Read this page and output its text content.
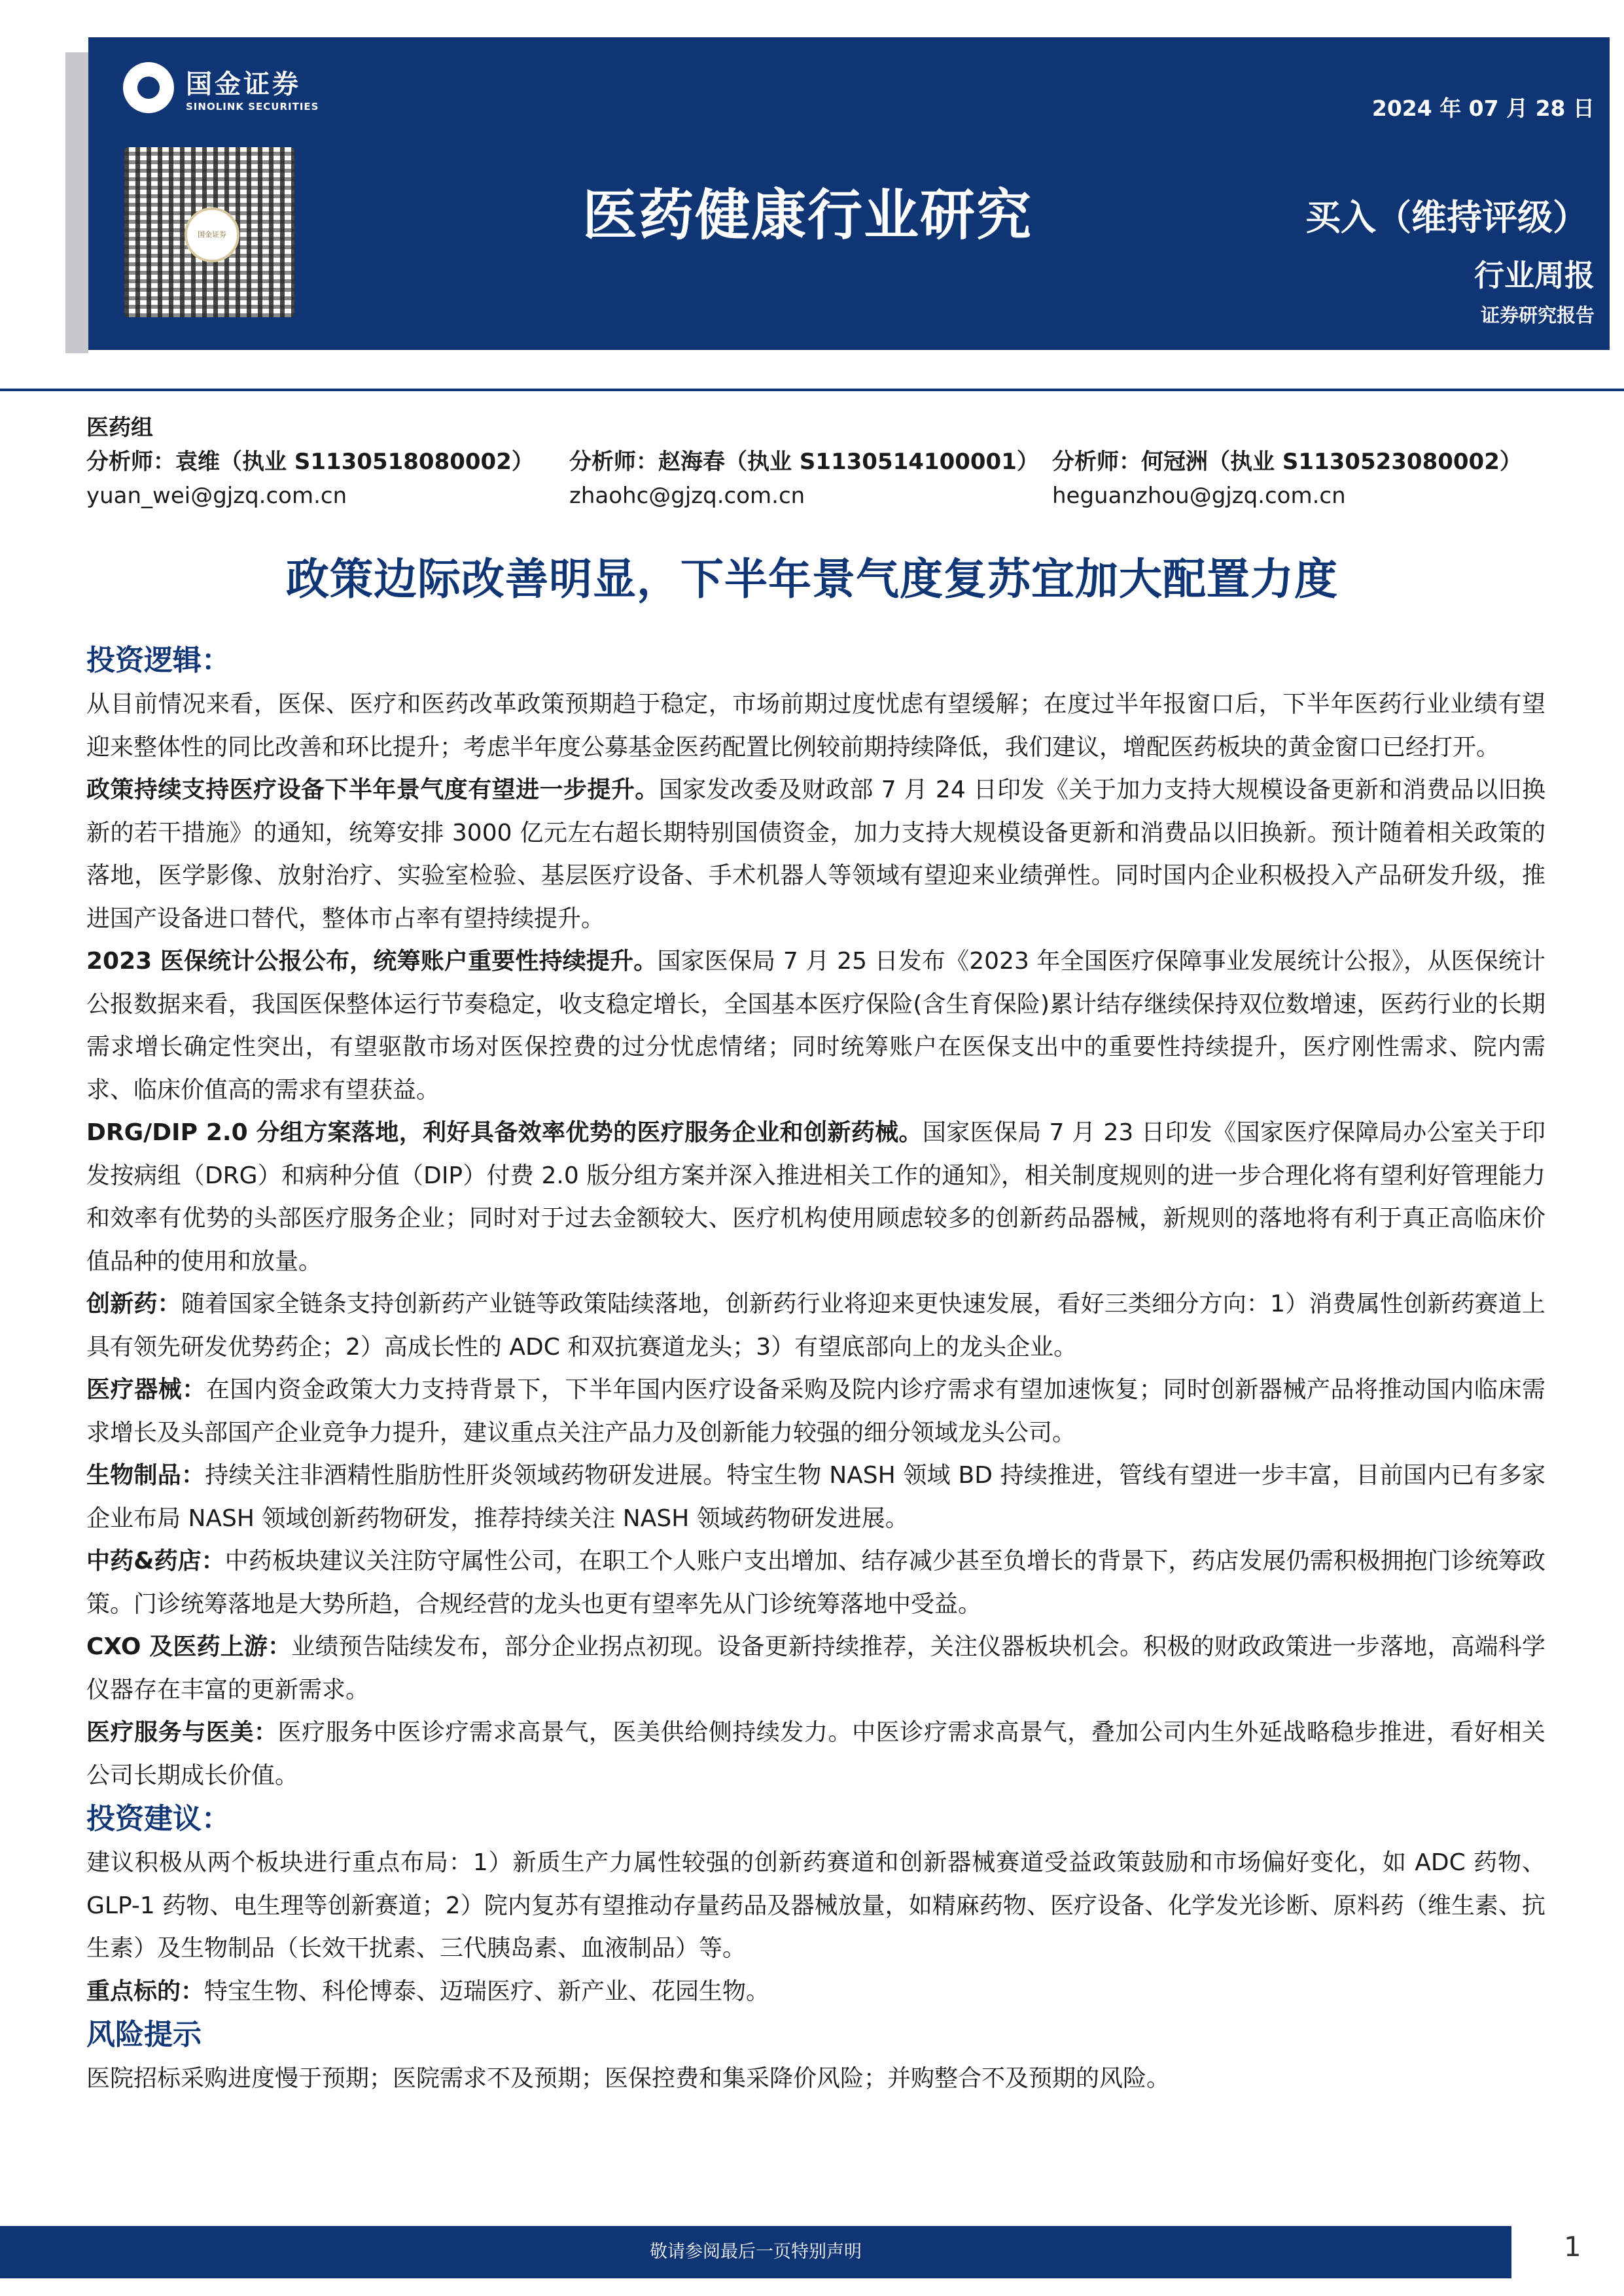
国金证券
SINOLINK SECURITIES
国金证券
2024 年 07 月 28 日
医药健康行业研究	买入（维持评级）
行业周报
证券研究报告
医药组
分析师：袁维（执业 S1130518080002）
yuan_wei@gjzq.com.cn
分析师：赵海春（执业 S1130514100001）
zhaohc@gjzq.com.cn
分析师：何冠洲（执业 S1130523080002）
heguanzhou@gjzq.com.cn
政策边际改善明显，下半年景气度复苏宜加大配置力度

投资逻辑：

从目前情况来看，医保、医疗和医药改革政策预期趋于稳定，市场前期过度忧虑有望缓解；在度过半年报窗口后，下半年医药行业业绩有望迎来整体性的同比改善和环比提升；考虑半年度公募基金医药配置比例较前期持续降低，我们建议，增配医药板块的黄金窗口已经打开。

政策持续支持医疗设备下半年景气度有望进一步提升。国家发改委及财政部 7 月 24 日印发《关于加力支持大规模设备更新和消费品以旧换新的若干措施》的通知，统筹安排 3000 亿元左右超长期特别国债资金，加力支持大规模设备更新和消费品以旧换新。预计随着相关政策的落地，医学影像、放射治疗、实验室检验、基层医疗设备、手术机器人等领域有望迎来业绩弹性。同时国内企业积极投入产品研发升级，推进国产设备进口替代，整体市占率有望持续提升。

2023 医保统计公报公布，统筹账户重要性持续提升。国家医保局 7 月 25 日发布《2023 年全国医疗保障事业发展统计公报》，从医保统计公报数据来看，我国医保整体运行节奏稳定，收支稳定增长，全国基本医疗保险(含生育保险)累计结存继续保持双位数增速，医药行业的长期需求增长确定性突出，有望驱散市场对医保控费的过分忧虑情绪；同时统筹账户在医保支出中的重要性持续提升，医疗刚性需求、院内需求、临床价值高的需求有望获益。

DRG/DIP 2.0 分组方案落地，利好具备效率优势的医疗服务企业和创新药械。国家医保局 7 月 23 日印发《国家医疗保障局办公室关于印发按病组（DRG）和病种分值（DIP）付费 2.0 版分组方案并深入推进相关工作的通知》，相关制度规则的进一步合理化将有望利好管理能力和效率有优势的头部医疗服务企业；同时对于过去金额较大、医疗机构使用顾虑较多的创新药品器械，新规则的落地将有利于真正高临床价值品种的使用和放量。

创新药：随着国家全链条支持创新药产业链等政策陆续落地，创新药行业将迎来更快速发展，看好三类细分方向：1）消费属性创新药赛道上具有领先研发优势药企；2）高成长性的 ADC 和双抗赛道龙头；3）有望底部向上的龙头企业。

医疗器械：在国内资金政策大力支持背景下，下半年国内医疗设备采购及院内诊疗需求有望加速恢复；同时创新器械产品将推动国内临床需求增长及头部国产企业竞争力提升，建议重点关注产品力及创新能力较强的细分领域龙头公司。

生物制品：持续关注非酒精性脂肪性肝炎领域药物研发进展。特宝生物 NASH 领域 BD 持续推进，管线有望进一步丰富，目前国内已有多家企业布局 NASH 领域创新药物研发，推荐持续关注 NASH 领域药物研发进展。

中药&药店：中药板块建议关注防守属性公司，在职工个人账户支出增加、结存减少甚至负增长的背景下，药店发展仍需积极拥抱门诊统筹政策。门诊统筹落地是大势所趋，合规经营的龙头也更有望率先从门诊统筹落地中受益。

CXO 及医药上游：业绩预告陆续发布，部分企业拐点初现。设备更新持续推荐，关注仪器板块机会。积极的财政政策进一步落地，高端科学仪器存在丰富的更新需求。

医疗服务与医美：医疗服务中医诊疗需求高景气，医美供给侧持续发力。中医诊疗需求高景气，叠加公司内生外延战略稳步推进，看好相关公司长期成长价值。

投资建议：

建议积极从两个板块进行重点布局：1）新质生产力属性较强的创新药赛道和创新器械赛道受益政策鼓励和市场偏好变化，如 ADC 药物、GLP-1 药物、电生理等创新赛道；2）院内复苏有望推动存量药品及器械放量，如精麻药物、医疗设备、化学发光诊断、原料药（维生素、抗生素）及生物制品（长效干扰素、三代胰岛素、血液制品）等。

重点标的：特宝生物、科伦博泰、迈瑞医疗、新产业、花园生物。

风险提示

医院招标采购进度慢于预期；医院需求不及预期；医保控费和集采降价风险；并购整合不及预期的风险。

敬请参阅最后一页特别声明	1
